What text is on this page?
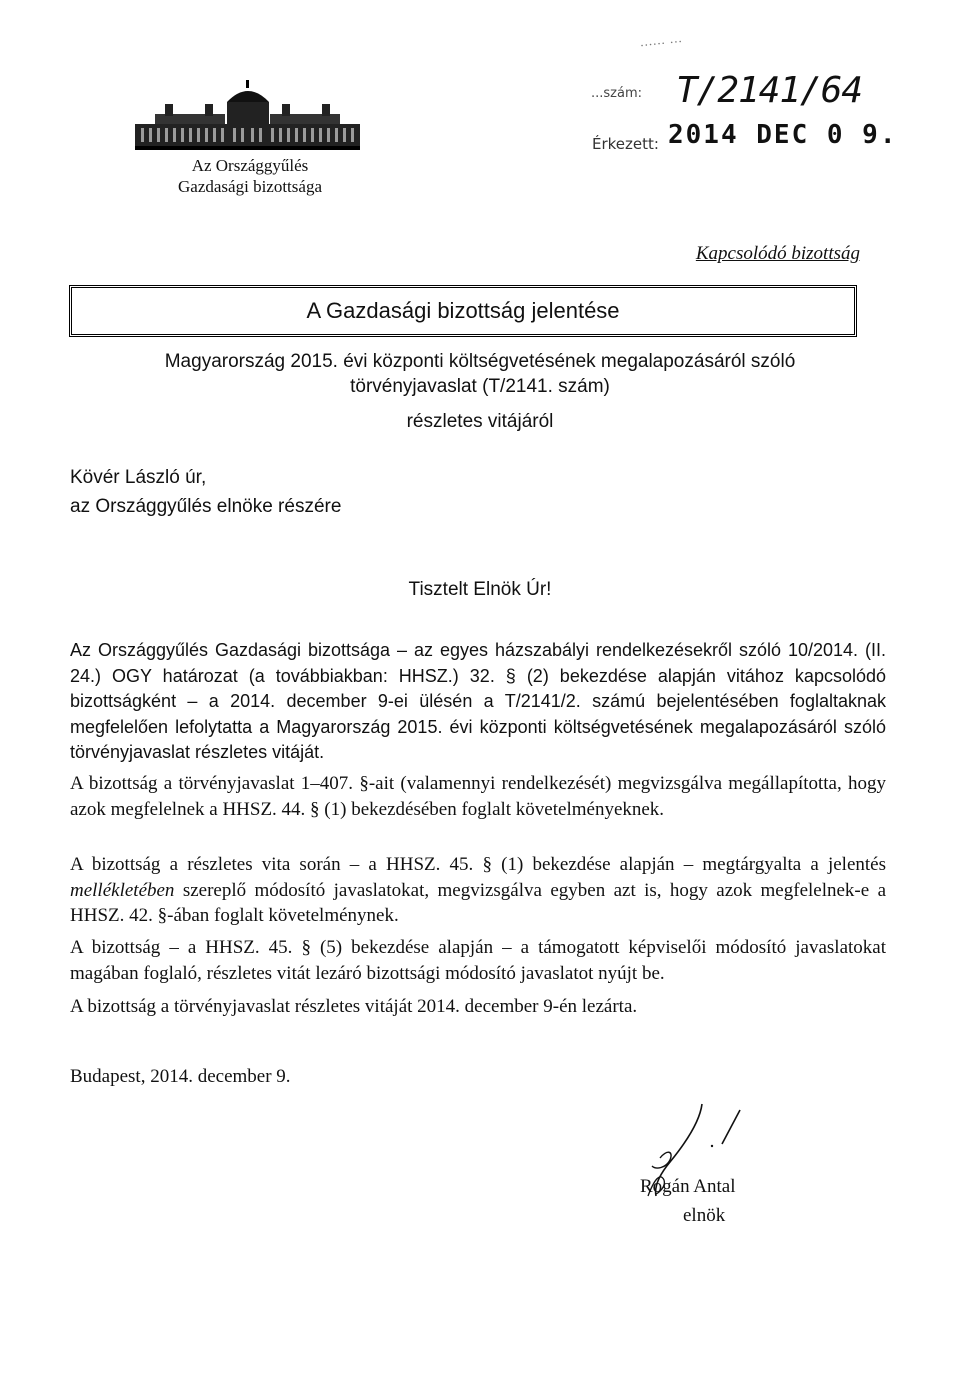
Az Országgyűlés
Gazdasági bizottsága
...... ...
...szám: T/2141/64
Érkezett: 2014 DEC 0 9.
Kapcsolódó bizottság
A Gazdasági bizottság jelentése
Magyarország 2015. évi központi költségvetésének megalapozásáról szóló
törvényjavaslat (T/2141. szám)
részletes vitájáról
Kövér László úr,
az Országgyűlés elnöke részére
Tisztelt Elnök Úr!
Az Országgyűlés Gazdasági bizottsága – az egyes házszabályi rendelkezésekről szóló 10/2014. (II. 24.) OGY határozat (a továbbiakban: HHSZ.) 32. § (2) bekezdése alapján vitához kapcsolódó bizottságként – a 2014. december 9-ei ülésén a T/2141/2. számú bejelentésében foglaltaknak megfelelően lefolytatta a Magyarország 2015. évi központi költségvetésének megalapozásáról szóló törvényjavaslat részletes vitáját.
A bizottság a törvényjavaslat 1–407. §-ait (valamennyi rendelkezését) megvizsgálva megállapította, hogy azok megfelelnek a HHSZ. 44. § (1) bekezdésében foglalt követelményeknek.
A bizottság a részletes vita során – a HHSZ. 45. § (1) bekezdése alapján – megtárgyalta a jelentés mellékletében szereplő módosító javaslatokat, megvizsgálva egyben azt is, hogy azok megfelelnek-e a HHSZ. 42. §-ában foglalt követelménynek.
A bizottság – a HHSZ. 45. § (5) bekezdése alapján – a támogatott képviselői módosító javaslatokat magában foglaló, részletes vitát lezáró bizottsági módosító javaslatot nyújt be.
A bizottság a törvényjavaslat részletes vitáját 2014. december 9-én lezárta.
Budapest, 2014. december 9.
Rogán Antal
elnök
